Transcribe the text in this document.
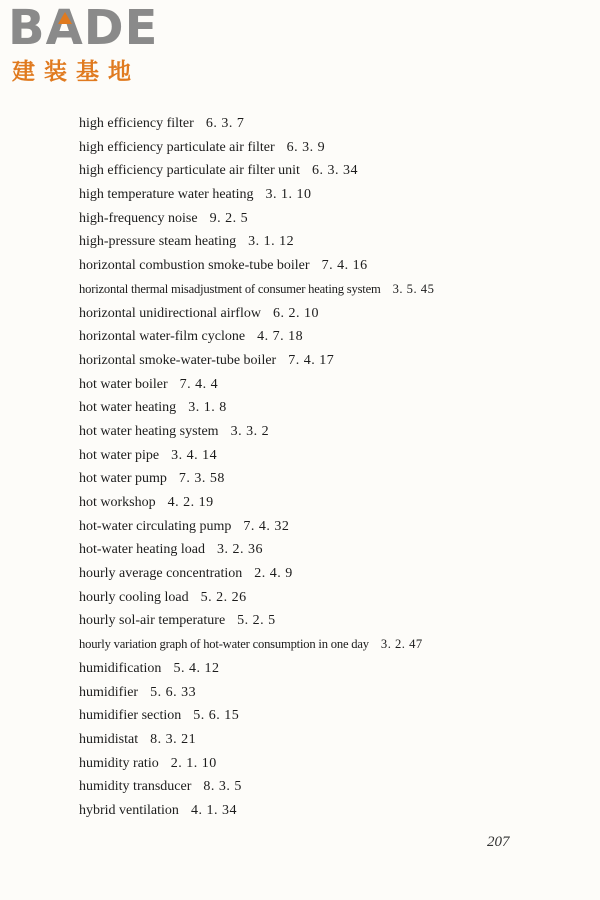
BADE
建装基地
high efficiency filter 6. 3. 7
high efficiency particulate air filter 6. 3. 9
high efficiency particulate air filter unit 6. 3. 34
high temperature water heating 3. 1. 10
high-frequency noise 9. 2. 5
high-pressure steam heating 3. 1. 12
horizontal combustion smoke-tube boiler 7. 4. 16
horizontal thermal misadjustment of consumer heating system 3. 5. 45
horizontal unidirectional airflow 6. 2. 10
horizontal water-film cyclone 4. 7. 18
horizontal smoke-water-tube boiler 7. 4. 17
hot water boiler 7. 4. 4
hot water heating 3. 1. 8
hot water heating system 3. 3. 2
hot water pipe 3. 4. 14
hot water pump 7. 3. 58
hot workshop 4. 2. 19
hot-water circulating pump 7. 4. 32
hot-water heating load 3. 2. 36
hourly average concentration 2. 4. 9
hourly cooling load 5. 2. 26
hourly sol-air temperature 5. 2. 5
hourly variation graph of hot-water consumption in one day 3. 2. 47
humidification 5. 4. 12
humidifier 5. 6. 33
humidifier section 5. 6. 15
humidistat 8. 3. 21
humidity ratio 2. 1. 10
humidity transducer 8. 3. 5
hybrid ventilation 4. 1. 34
207
